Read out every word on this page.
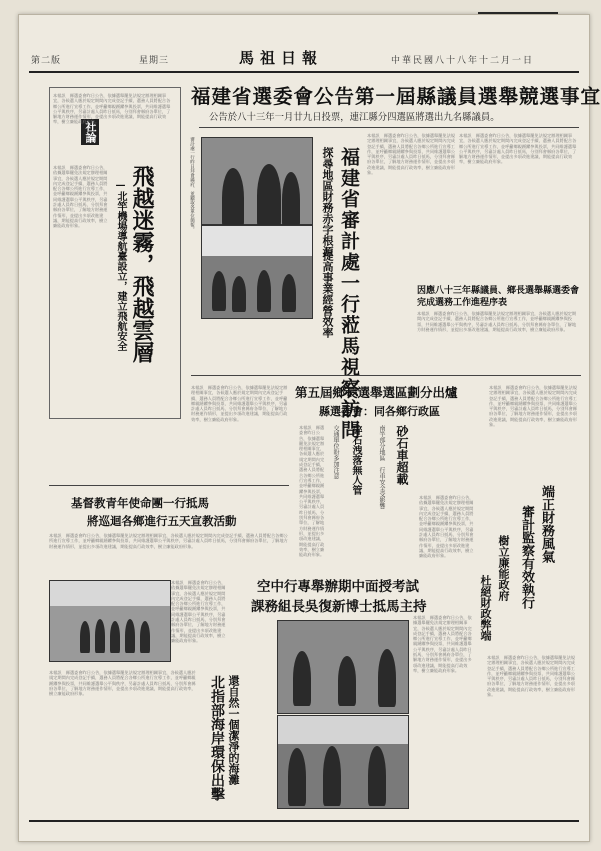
第二版	星期三	馬祖日報	中華民國八十八年十二月一日
福建省選委會公告第一屆縣議員選舉競選事宜
公告於八十三年一月廿九日投票，連江縣分四選區將選出九名縣議員。
社論
飛越迷霧，飛越雲層
—北竿機場導航臺設立，建立飛航安全
本報訊　縣選委會昨日公告，依據選舉罷免法規定辦理相關事宜，各候選人應於規定期間內完成登記手續，選務人員將配合各鄉公所進行宣導工作，並呼籲鄉親踴躍參與投票，共同維護選舉公平與秩序，另審計處人員昨日抵馬，分別拜會縣府各單位，了解地方財務運作情形，並提出多項改進建議，期能提高行政效率，樹立廉能政府形象。
本報訊　縣選委會昨日公告，依據選舉罷免法規定辦理相關事宜，各候選人應於規定期間內完成登記手續，選務人員將配合各鄉公所進行宣導工作，並呼籲鄉親踴躍參與投票，共同維護選舉公平與秩序，另審計處人員昨日抵馬，分別拜會縣府各單位，了解地方財務運作情形，並提出多項改進建議，期能提高行政效率，樹立廉能政府形象。
審計處一行昨日拜會縣府，並聽取各單位簡報。	福建省審計處一行蒞馬視察訪問
探尋地區財務赤字根源
提高事業經營效率
本報訊　縣選委會昨日公告，依據選舉罷免法規定辦理相關事宜，各候選人應於規定期間內完成登記手續，選務人員將配合各鄉公所進行宣導工作，並呼籲鄉親踴躍參與投票，共同維護選舉公平與秩序，另審計處人員昨日抵馬，分別拜會縣府各單位，了解地方財務運作情形，並提出多項改進建議，期能提高行政效率，樹立廉能政府形象。
本報訊　縣選委會昨日公告，依據選舉罷免法規定辦理相關事宜，各候選人應於規定期間內完成登記手續，選務人員將配合各鄉公所進行宣導工作，並呼籲鄉親踴躍參與投票，共同維護選舉公平與秩序，另審計處人員昨日抵馬，分別拜會縣府各單位，了解地方財務運作情形，並提出多項改進建議，期能提高行政效率，樹立廉能政府形象。
因應八十三年縣議員、鄉長選舉縣選委會完成選務工作進程序表
本報訊　縣選委會昨日公告，依據選舉罷免法規定辦理相關事宜，各候選人應於規定期間內完成登記手續，選務人員將配合各鄉公所進行宣導工作，並呼籲鄉親踴躍參與投票，共同維護選舉公平與秩序，另審計處人員昨日抵馬，分別拜會縣府各單位，了解地方財務運作情形，並提出多項改進建議，期能提高行政效率，樹立廉能政府形象。
第五屆鄉長選舉選區劃分出爐
縣選委會：同各鄉行政區
本報訊　縣選委會昨日公告，依據選舉罷免法規定辦理相關事宜，各候選人應於規定期間內完成登記手續，選務人員將配合各鄉公所進行宣導工作，並呼籲鄉親踴躍參與投票，共同維護選舉公平與秩序，另審計處人員昨日抵馬，分別拜會縣府各單位，了解地方財務運作情形，並提出多項改進建議，期能提高行政效率，樹立廉能政府形象。
本報訊　縣選委會昨日公告，依據選舉罷免法規定辦理相關事宜，各候選人應於規定期間內完成登記手續，選務人員將配合各鄉公所進行宣導工作，並呼籲鄉親踴躍參與投票，共同維護選舉公平與秩序，另審計處人員昨日抵馬，分別拜會縣府各單位，了解地方財務運作情形，並提出多項改進建議，期能提高行政效率，樹立廉能政府形象。
砂石車超載
碎石洩落無人管
交通單位盼多加注意	南竿部分地區　行車安全受影響
本報訊　縣選委會昨日公告，依據選舉罷免法規定辦理相關事宜，各候選人應於規定期間內完成登記手續，選務人員將配合各鄉公所進行宣導工作，並呼籲鄉親踴躍參與投票，共同維護選舉公平與秩序，另審計處人員昨日抵馬，分別拜會縣府各單位，了解地方財務運作情形，並提出多項改進建議，期能提高行政效率，樹立廉能政府形象。	端正財務風氣
審計監察有效執行
樹立廉能政府
杜絕財政弊端
本報訊　縣選委會昨日公告，依據選舉罷免法規定辦理相關事宜，各候選人應於規定期間內完成登記手續，選務人員將配合各鄉公所進行宣導工作，並呼籲鄉親踴躍參與投票，共同維護選舉公平與秩序，另審計處人員昨日抵馬，分別拜會縣府各單位，了解地方財務運作情形，並提出多項改進建議，期能提高行政效率，樹立廉能政府形象。
本報訊　縣選委會昨日公告，依據選舉罷免法規定辦理相關事宜，各候選人應於規定期間內完成登記手續，選務人員將配合各鄉公所進行宣導工作，並呼籲鄉親踴躍參與投票，共同維護選舉公平與秩序，另審計處人員昨日抵馬，分別拜會縣府各單位，了解地方財務運作情形，並提出多項改進建議，期能提高行政效率，樹立廉能政府形象。
基督教青年使命團一行抵馬
將巡迴各鄉進行五天宣教活動
本報訊　縣選委會昨日公告，依據選舉罷免法規定辦理相關事宜，各候選人應於規定期間內完成登記手續，選務人員將配合各鄉公所進行宣導工作，並呼籲鄉親踴躍參與投票，共同維護選舉公平與秩序，另審計處人員昨日抵馬，分別拜會縣府各單位，了解地方財務運作情形，並提出多項改進建議，期能提高行政效率，樹立廉能政府形象。
本報訊　縣選委會昨日公告，依據選舉罷免法規定辦理相關事宜，各候選人應於規定期間內完成登記手續，選務人員將配合各鄉公所進行宣導工作，並呼籲鄉親踴躍參與投票，共同維護選舉公平與秩序，另審計處人員昨日抵馬，分別拜會縣府各單位，了解地方財務運作情形，並提出多項改進建議，期能提高行政效率，樹立廉能政府形象。
空中行專舉辦期中面授考試
課務組長吳復新博士抵馬主持
本報訊　縣選委會昨日公告，依據選舉罷免法規定辦理相關事宜，各候選人應於規定期間內完成登記手續，選務人員將配合各鄉公所進行宣導工作，並呼籲鄉親踴躍參與投票，共同維護選舉公平與秩序，另審計處人員昨日抵馬，分別拜會縣府各單位，了解地方財務運作情形，並提出多項改進建議，期能提高行政效率，樹立廉能政府形象。
還自然一個潔淨的海灘
北指部海岸環保出擊
本報訊　縣選委會昨日公告，依據選舉罷免法規定辦理相關事宜，各候選人應於規定期間內完成登記手續，選務人員將配合各鄉公所進行宣導工作，並呼籲鄉親踴躍參與投票，共同維護選舉公平與秩序，另審計處人員昨日抵馬，分別拜會縣府各單位，了解地方財務運作情形，並提出多項改進建議，期能提高行政效率，樹立廉能政府形象。
